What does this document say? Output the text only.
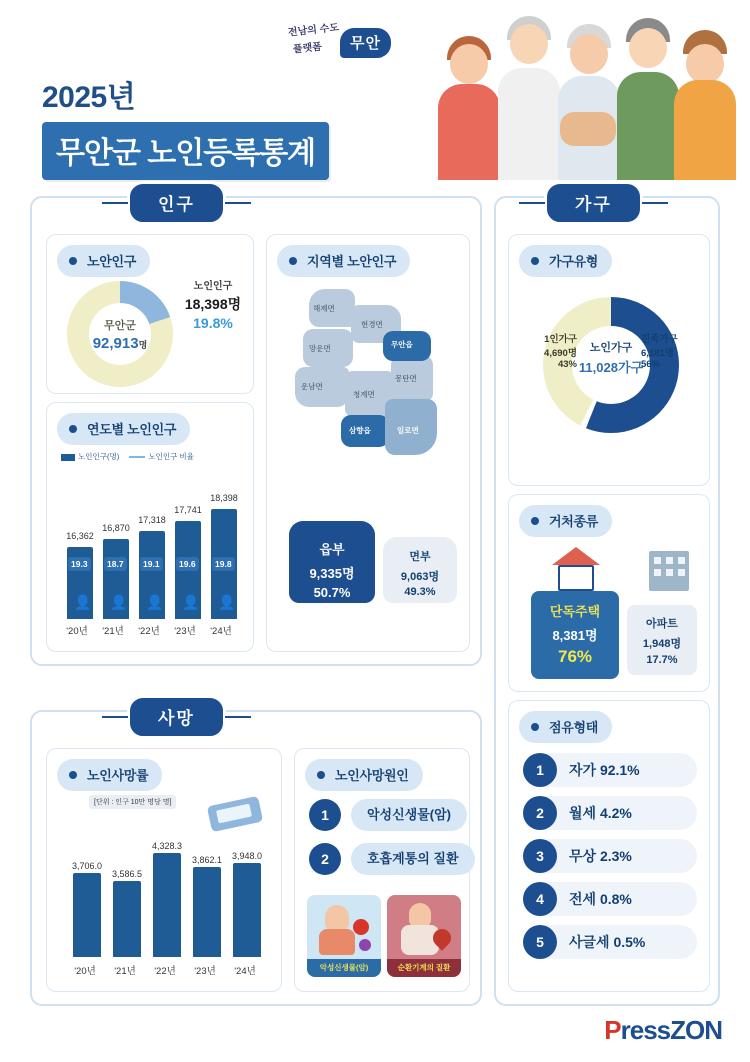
전남의 수도
플랫폼	무안
2025년
무안군 노인등록통계
인구
노안인구
무안군
92,913명
노인인구
18,398명
19.8%
연도별 노인인구
노인인구(명)	노인인구 비율
16,362
16,870
17,318
17,741
18,398
19.3	18.7	19.1	19.6	19.8
👤 👤 👤 👤 👤
'20년	'21년	'22년	'23년	'24년
지역별 노안인구
해제면
현경면
망운면
운남면
청계면
몽탄면
무안읍
삼향읍	일로면
읍부
9,335명
50.7%
면부
9,063명
49.3%
가구
가구유형
노인가구
11,028가구
1인가구
4,690명
43%
친족가구
6,181명
56%
거처종류
단독주택
8,381명
76%
아파트
1,948명
17.7%
점유형태
1	자가 92.1%
2	월세 4.2%
3	무상 2.3%
4	전세 0.8%
5	사글세 0.5%
사망
노인사망률
[단위 : 인구 10만 명당 명]
3,706.0
3,586.5
4,328.3
3,862.1	3,948.0
'20년	'21년	'22년	'23년	'24년
노인사망원인
1	악성신생물(암)
2	호흡계통의 질환
악성신생물(암)	순환기계의 질환
PressZON
